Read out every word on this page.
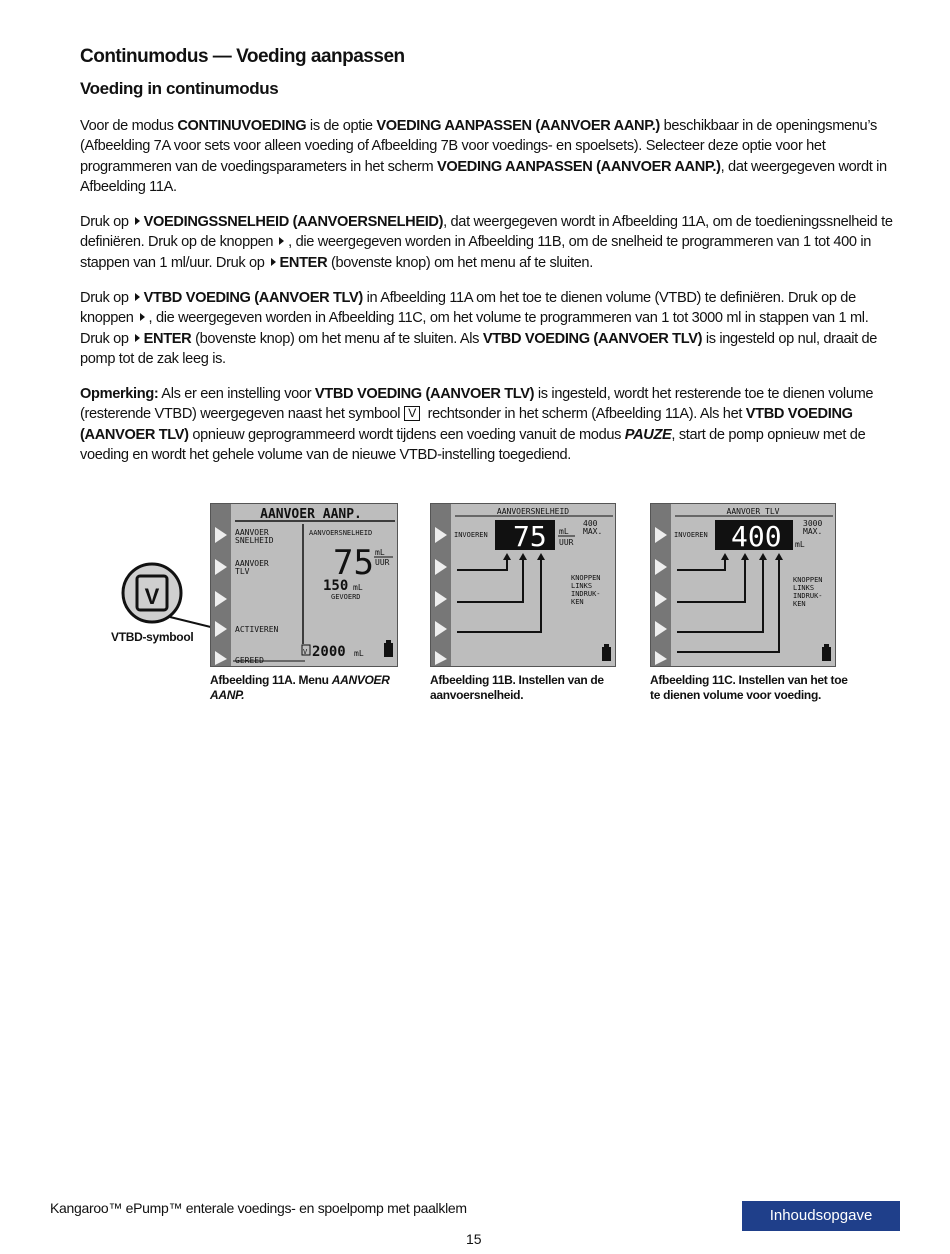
Continumodus — Voeding aanpassen
Voeding in continumodus

Voor de modus CONTINUVOEDING is de optie VOEDING AANPASSEN (AANVOER AANP.) beschikbaar in de openingsmenu’s (Afbeelding 7A voor sets voor alleen voeding of Afbeelding 7B voor voedings- en spoelsets). Selecteer deze optie voor het programmeren van de voedingsparameters in het scherm VOEDING AANPASSEN (AANVOER AANP.), dat weergegeven wordt in Afbeelding 11A.

Druk op VOEDINGSSNELHEID (AANVOERSNELHEID), dat weergegeven wordt in Afbeelding 11A, om de toedieningssnelheid te definiëren. Druk op de knoppen , die weergegeven worden in Afbeelding 11B, om de snelheid te programmeren van 1 tot 400 in stappen van 1 ml/uur. Druk op ENTER (bovenste knop) om het menu af te sluiten.

Druk op VTBD VOEDING (AANVOER TLV) in Afbeelding 11A om het toe te dienen volume (VTBD) te definiëren. Druk op de knoppen , die weergegeven worden in Afbeelding 11C, om het volume te programmeren van 1 tot 3000 ml in stappen van 1 ml. Druk op ENTER (bovenste knop) om het menu af te sluiten. Als VTBD VOEDING (AANVOER TLV) is ingesteld op nul, draait de pomp tot de zak leeg is.

Opmerking: Als er een instelling voor VTBD VOEDING (AANVOER TLV) is ingesteld, wordt het resterende toe te dienen volume (resterende VTBD) weergegeven naast het symbool V rechtsonder in het scherm (Afbeelding 11A). Als het VTBD VOEDING (AANVOER TLV) opnieuw geprogrammeerd wordt tijdens een voeding vanuit de modus PAUZE, start de pomp opnieuw met de voeding en wordt het gehele volume van de nieuwe VTBD-instelling toegediend.

V
VTBD-symbool
AANVOER AANP.
AANVOER
SNELHEID
AANVOER
TLV
ACTIVEREN
GEREED
AANVOERSNELHEID
75 mL
UUR
150 mL
GEVOERD
V 2000 mL
Afbeelding 11A. Menu AANVOER AANP.
AANVOERSNELHEID
INVOEREN 75 mL
UUR
400
MAX.
KNOPPEN
LINKS
INDRUK-
KEN
Afbeelding 11B. Instellen van de aanvoersnelheid.
AANVOER TLV
INVOEREN 400 mL
3000
MAX.
KNOPPEN
LINKS
INDRUK-
KEN
Afbeelding 11C. Instellen van het toe te dienen volume voor voeding.
Kangaroo™ ePump™ enterale voedings- en spoelpomp met paalklem	Inhoudsopgave
15
